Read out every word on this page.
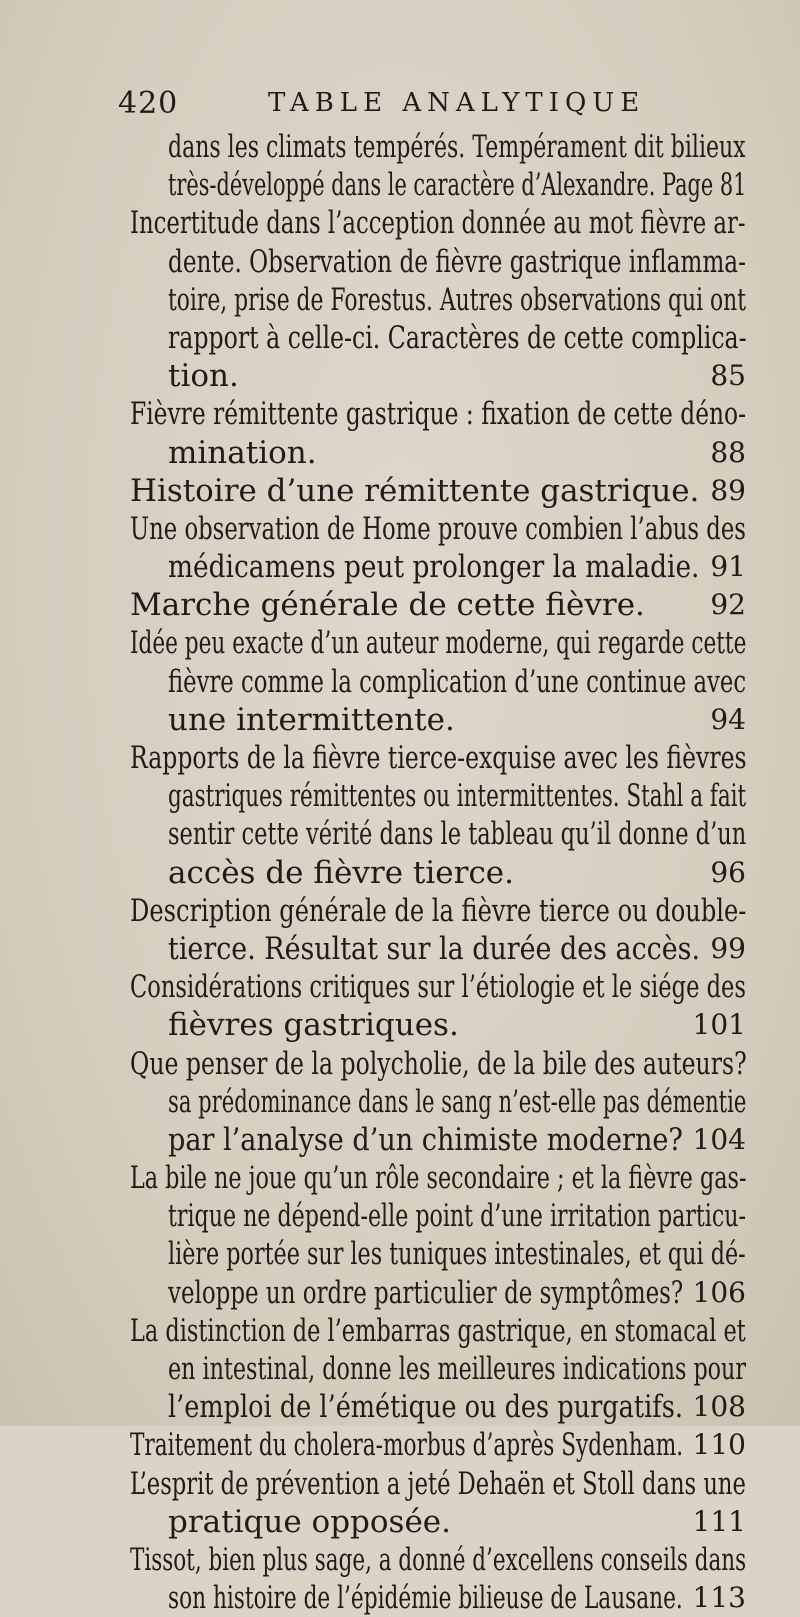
420	TABLE ANALYTIQUE
dans les climats tempérés. Tempérament dit bilieux
très-développé dans le caractère d’Alexandre. Page 81
Incertitude dans l’acception donnée au mot fièvre ar-
dente. Observation de fièvre gastrique inflamma-
toire, prise de Forestus. Autres observations qui ont
rapport à celle-ci. Caractères de cette complica-
tion.	85
Fièvre rémittente gastrique : fixation de cette déno-
mination.	88
Histoire d’une rémittente gastrique. 89
Une observation de Home prouve combien l’abus des
médicamens peut prolonger la maladie. 91
Marche générale de cette fièvre. 92
Idée peu exacte d’un auteur moderne, qui regarde cette
fièvre comme la complication d’une continue avec
une intermittente.	94
Rapports de la fièvre tierce-exquise avec les fièvres
gastriques rémittentes ou intermittentes. Stahl a fait
sentir cette vérité dans le tableau qu’il donne d’un
accès de fièvre tierce.	96
Description générale de la fièvre tierce ou double-
tierce. Résultat sur la durée des accès. 99
Considérations critiques sur l’étiologie et le siége des
fièvres gastriques.	101
Que penser de la polycholie, de la bile des auteurs?
sa prédominance dans le sang n’est-elle pas démentie
par l’analyse d’un chimiste moderne? 104
La bile ne joue qu’un rôle secondaire ; et la fièvre gas-
trique ne dépend-elle point d’une irritation particu-
lière portée sur les tuniques intestinales, et qui dé-
veloppe un ordre particulier de symptômes? 106
La distinction de l’embarras gastrique, en stomacal et
en intestinal, donne les meilleures indications pour
l’emploi de l’émétique ou des purgatifs. 108
Traitement du cholera-morbus d’après Sydenham. 110
L’esprit de prévention a jeté Dehaën et Stoll dans une
pratique opposée.	111
Tissot, bien plus sage, a donné d’excellens conseils dans
son histoire de l’épidémie bilieuse de Lausane. 113
